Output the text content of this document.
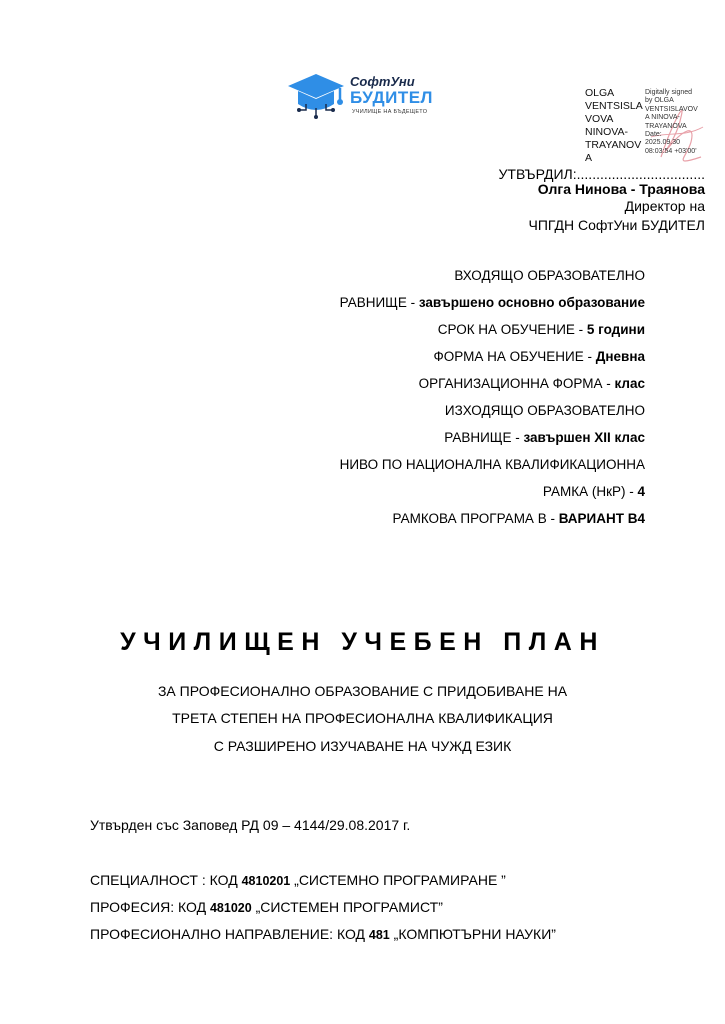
СофтУни
БУДИТЕЛ
УЧИЛИЩЕ НА БЪДЕЩЕТО
OLGA
VENTSISLA
VOVA
NINOVA-
TRAYANOV
A
Digitally signed
by OLGA
VENTSISLAVOV
A NINOVA-
TRAYANOVA
Date:
2025.09.30
08:03:54 +03'00'
УТВЪРДИЛ:.................................
Олга Нинова - Траянова
Директор на
ЧПГДН СофтУни БУДИТЕЛ
ВХОДЯЩО ОБРАЗОВАТЕЛНО
РАВНИЩЕ - завършено основно образование
СРОК НА ОБУЧЕНИЕ - 5 години
ФОРМА НА ОБУЧЕНИЕ - Дневна
ОРГАНИЗАЦИОННА ФОРМА - клас
ИЗХОДЯЩО ОБРАЗОВАТЕЛНО
РАВНИЩЕ - завършен XII клас
НИВО ПО НАЦИОНАЛНА КВАЛИФИКАЦИОННА
РАМКА (НкР) - 4
РАМКОВА ПРОГРАМА В - ВАРИАНТ В4
УЧИЛИЩЕН УЧЕБЕН ПЛАН
ЗА ПРОФЕСИОНАЛНО ОБРАЗОВАНИЕ С ПРИДОБИВАНЕ НА
ТРЕТА СТЕПЕН НА ПРОФЕСИОНАЛНА КВАЛИФИКАЦИЯ
С РАЗШИРЕНО ИЗУЧАВАНЕ НА ЧУЖД ЕЗИК
Утвърден със Заповед РД 09 – 4144/29.08.2017 г.
СПЕЦИАЛНОСТ : КОД 4810201 „СИСТЕМНО ПРОГРАМИРАНЕ ”
ПРОФЕСИЯ: КОД 481020 „СИСТЕМЕН ПРОГРАМИСТ”
ПРОФЕСИОНАЛНО НАПРАВЛЕНИЕ: КОД 481 „КОМПЮТЪРНИ НАУКИ”
